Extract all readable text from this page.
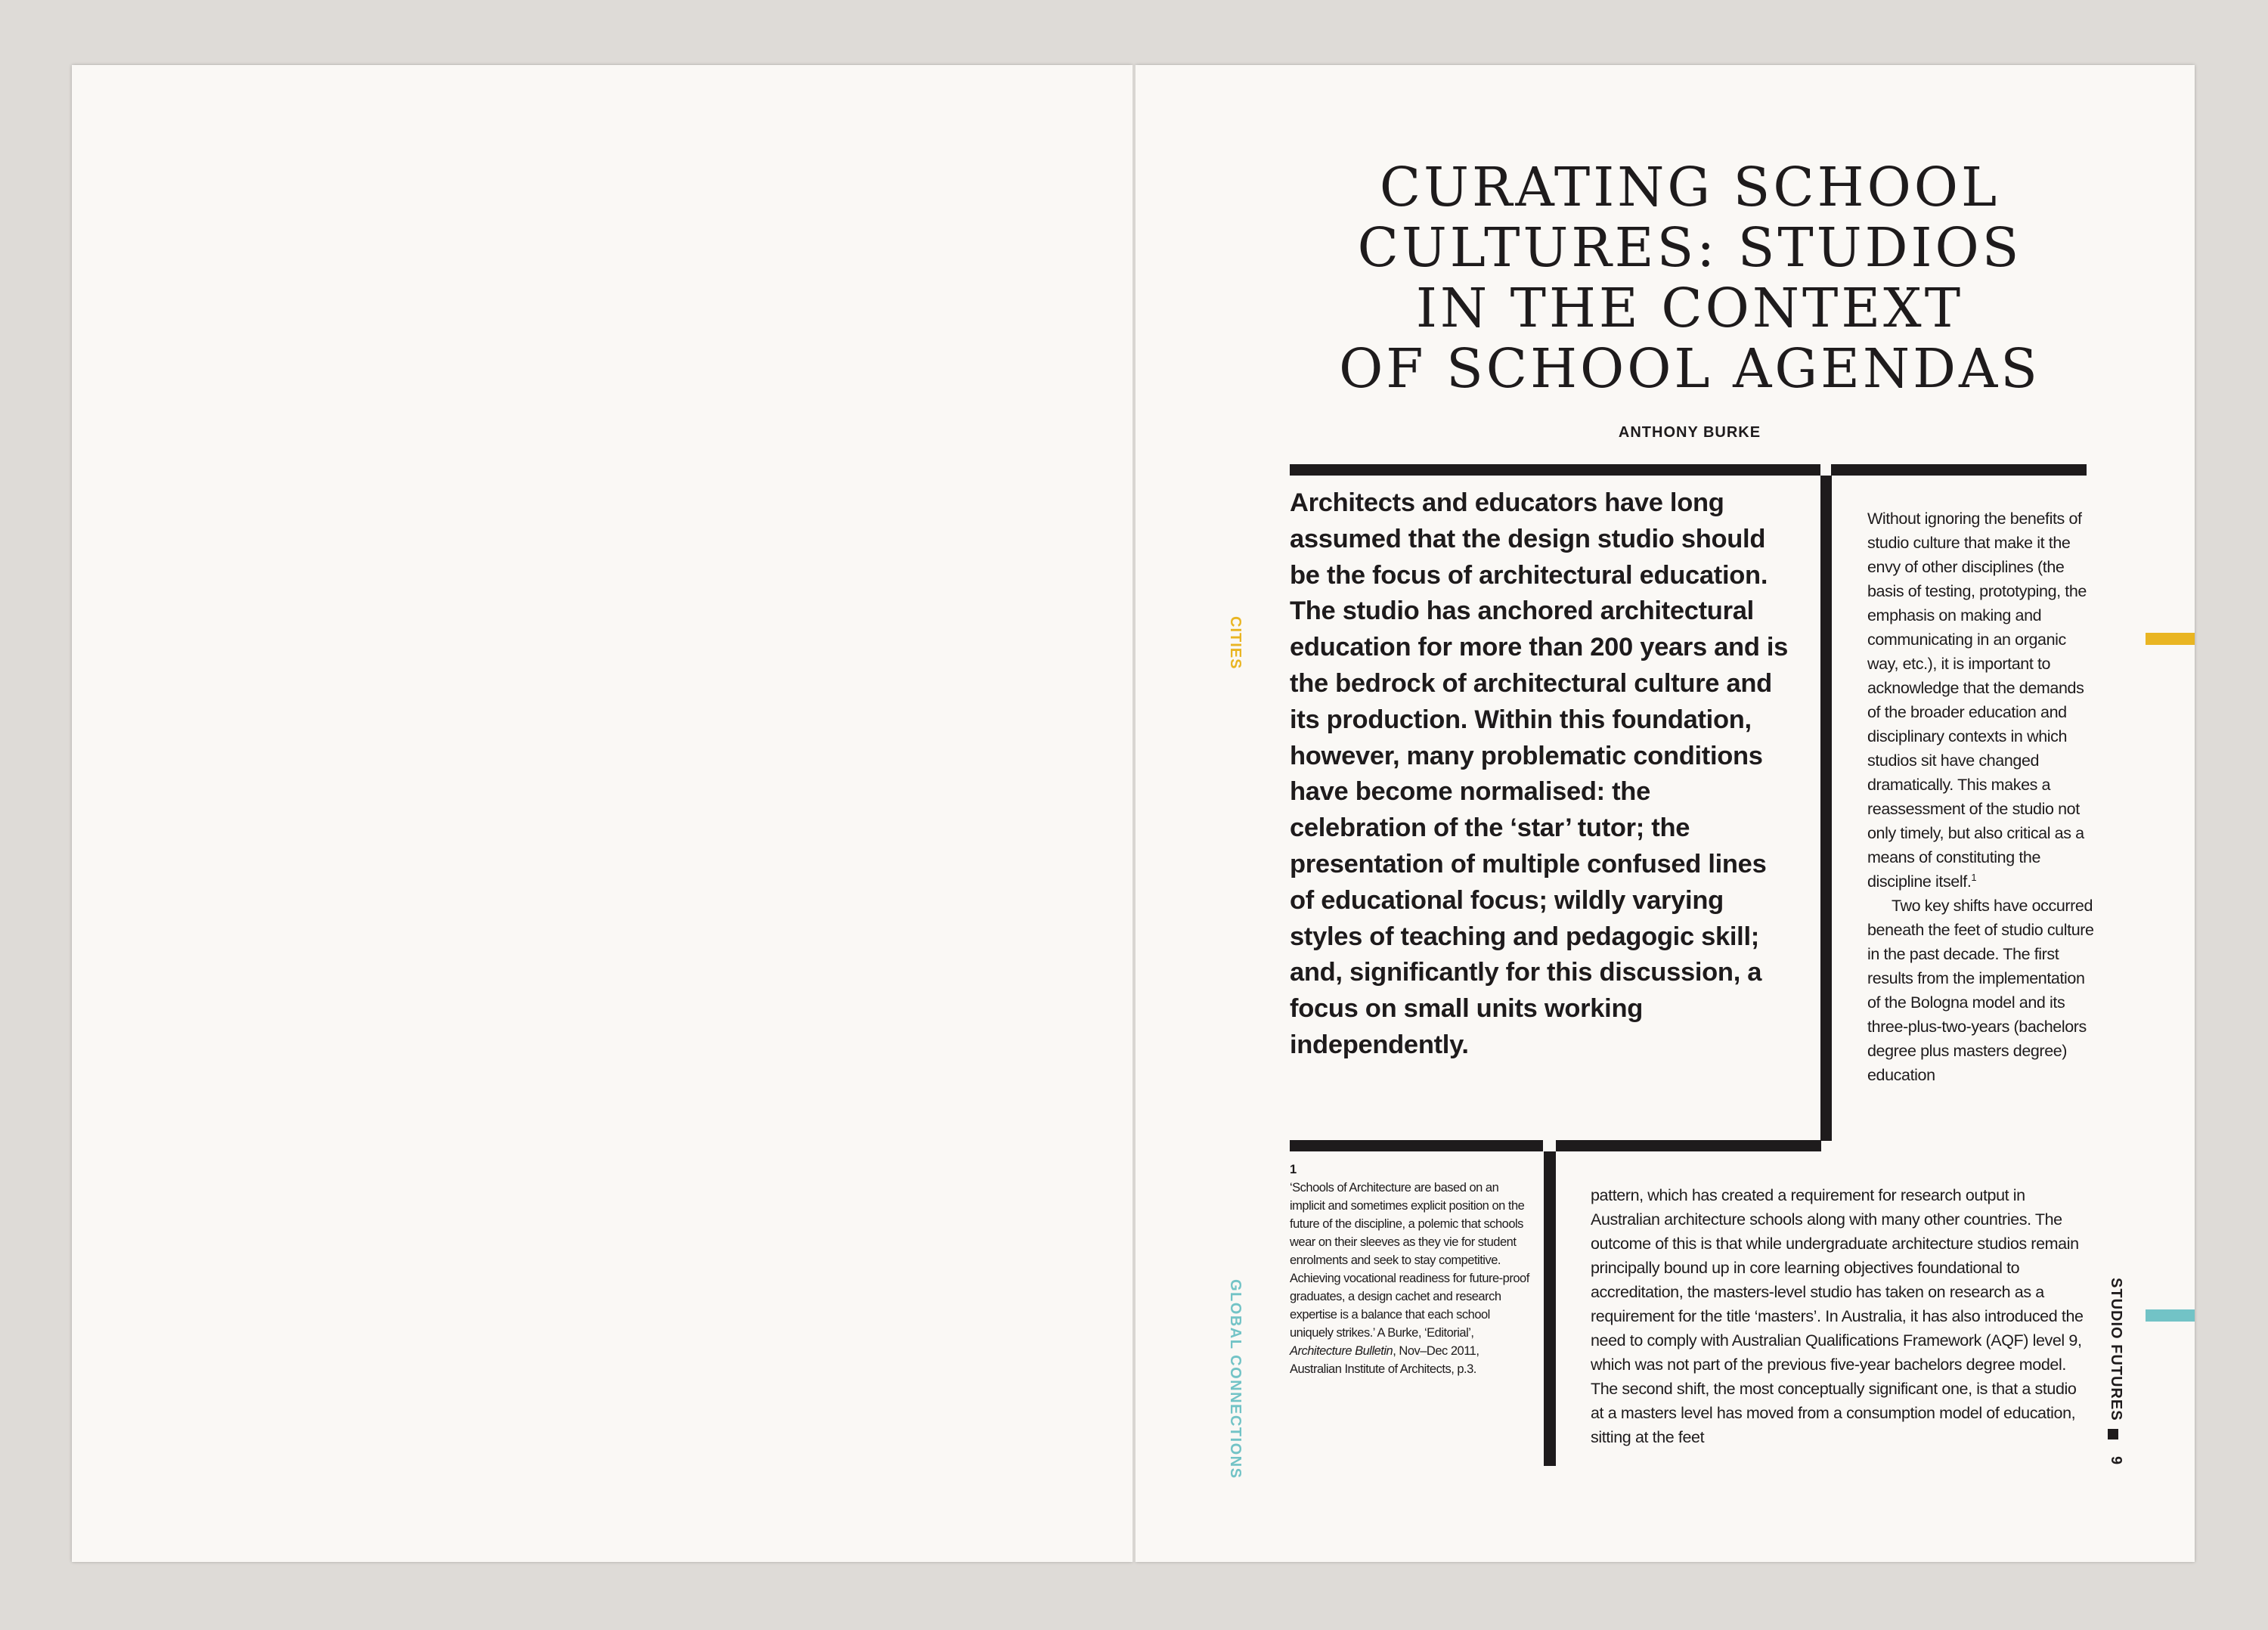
CURATING SCHOOL
CULTURES: STUDIOS
IN THE CONTEXT
OF SCHOOL AGENDAS
ANTHONY BURKE

Architects and educators have long assumed that the design studio should be the focus of architectural education. The studio has anchored architectural education for more than 200 years and is the bedrock of architectural culture and its production. Within this foundation, however, many problematic conditions have become normalised: the celebration of the ‘star’ tutor; the presentation of multiple confused lines of educational focus; wildly varying styles of teaching and pedagogic skill; and, significantly for this discussion, a focus on small units working independently.

Without ignoring the benefits of studio culture that make it the envy of other disciplines (the basis of testing, prototyping, the emphasis on making and communicating in an organic way, etc.), it is important to acknowledge that the demands of the broader education and disciplinary contexts in which studios sit have changed dramatically. This makes a reassessment of the studio not only timely, but also critical as a means of constituting the discipline itself.$^1$

Two key shifts have occurred beneath the feet of studio culture in the past decade. The first results from the implementation of the Bologna model and its three-plus-two-years (bachelors degree plus masters degree) education

pattern, which has created a requirement for research output in Australian architecture schools along with many other countries. The outcome of this is that while undergraduate architecture studios remain principally bound up in core learning objectives foundational to accreditation, the masters-level studio has taken on research as a requirement for the title ‘masters’. In Australia, it has also introduced the need to comply with Australian Qualifications Framework (AQF) level 9, which was not part of the previous five-year bachelors degree model. The second shift, the most conceptually significant one, is that a studio at a masters level has moved from a consumption model of education, sitting at the feet

1

‘Schools of Architecture are based on an implicit and sometimes explicit position on the future of the discipline, a polemic that schools wear on their sleeves as they vie for student enrolments and seek to stay competitive. Achieving vocational readiness for future-proof graduates, a design cachet and research expertise is a balance that each school uniquely strikes.’ A Burke, ‘Editorial’, Architecture Bulletin, Nov–Dec 2011, Australian Institute of Architects, p.3.

CITIES
GLOBAL CONNECTIONS	STUDIO FUTURES
9
